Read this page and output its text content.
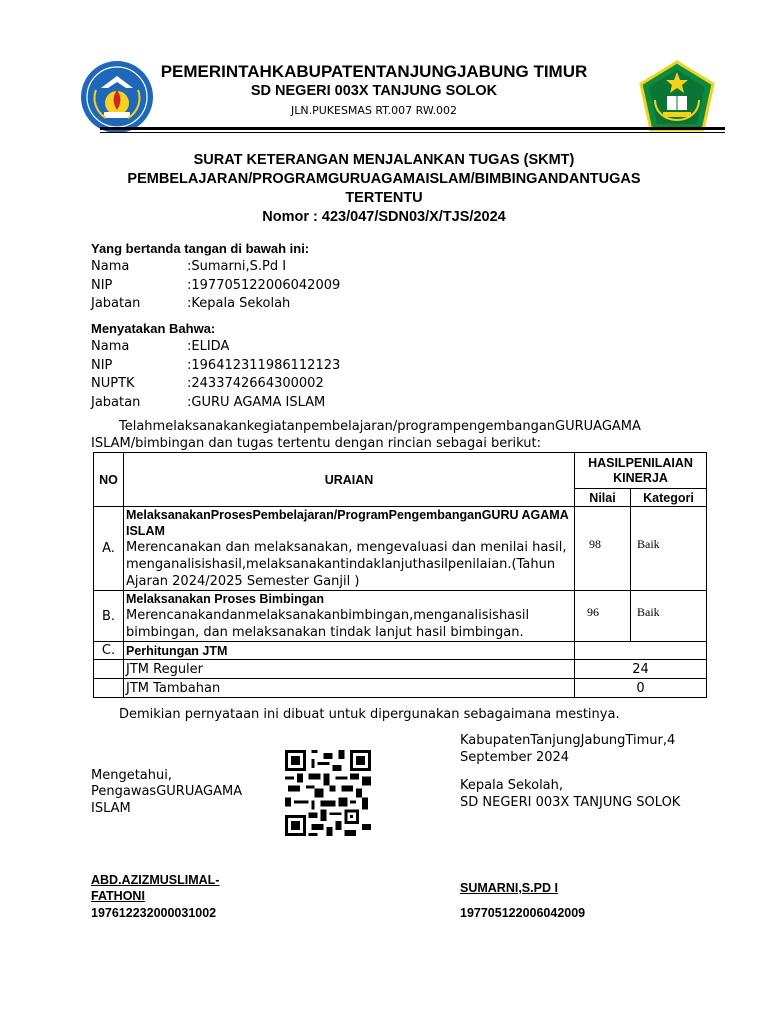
PEMERINTAHKABUPATENTANJUNGJABUNG TIMUR
SD NEGERI 003X TANJUNG SOLOK
JLN.PUKESMAS RT.007 RW.002
SURAT KETERANGAN MENJALANKAN TUGAS (SKMT)
PEMBELAJARAN/PROGRAMGURUAGAMAISLAM/BIMBINGANDANTUGAS
TERTENTU
Nomor : 423/047/SDN03/X/TJS/2024
Yang bertanda tangan di bawah ini:
Nama	:Sumarni,S.Pd I
NIP	:197705122006042009
Jabatan	:Kepala Sekolah
Menyatakan Bahwa:
Nama	:ELIDA
NIP	:196412311986112123
NUPTK	:2433742664300002
Jabatan	:GURU AGAMA ISLAM
Telahmelaksanakankegiatanpembelajaran/programpengembanganGURUAGAMA
ISLAM/bimbingan dan tugas tertentu dengan rincian sebagai berikut:
NO	URAIAN	HASILPENILAIAN KINERJA	
		Nilai	Kategori
A.	MelaksanakanProsesPembelajaran/ProgramPengembanganGURU AGAMA ISLAM
Merencanakan dan melaksanakan, mengevaluasi dan menilai hasil, menganalisishasil,melaksanakantindaklanjuthasilpenilaian.(Tahun Ajaran 2024/2025 Semester Ganjil )	98	Baik
B.	Melaksanakan Proses Bimbingan
Merencanakandanmelaksanakanbimbingan,menganalisishasil bimbingan, dan melaksanakan tindak lanjut hasil bimbingan.	96	Baik
C.	Perhitungan JTM		
	JTM Reguler	24	
	JTM Tambahan	0	
Demikian pernyataan ini dibuat untuk dipergunakan sebagaimana mestinya.
KabupatenTanjungJabungTimur,4
September 2024
Kepala Sekolah,
SD NEGERI 003X TANJUNG SOLOK
SUMARNI,S.PD I
197705122006042009
Mengetahui,
PengawasGURUAGAMA
ISLAM
ABD.AZIZMUSLIMAL-
FATHONI
197612232000031002
